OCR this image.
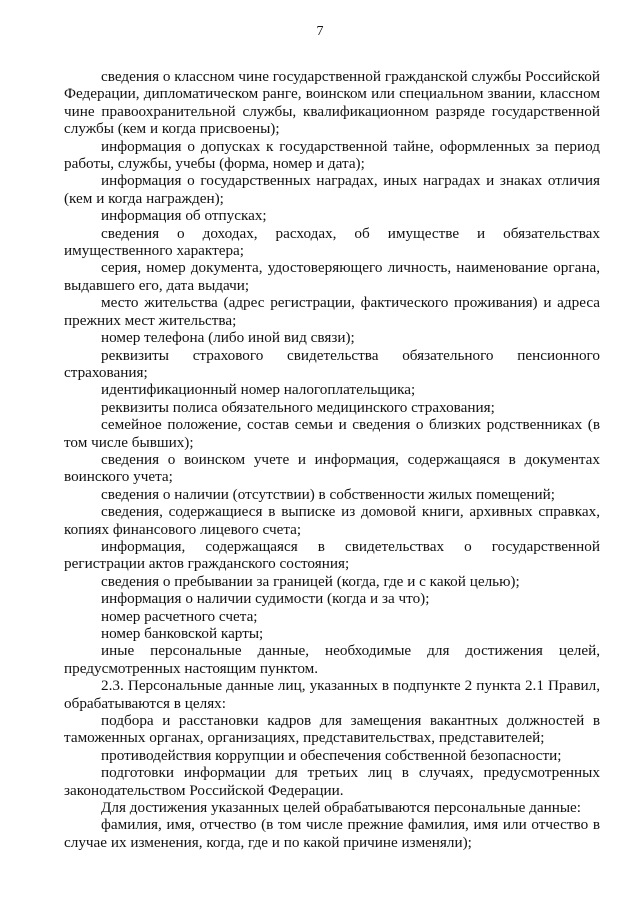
7

сведения о классном чине государственной гражданской службы Российской Федерации, дипломатическом ранге, воинском или специальном звании, классном чине правоохранительной службы, квалификационном разряде государственной службы (кем и когда присвоены);

информация о допусках к государственной тайне, оформленных за период работы, службы, учебы (форма, номер и дата);

информация о государственных наградах, иных наградах и знаках отличия (кем и когда награжден);

информация об отпусках;

сведения о доходах, расходах, об имуществе и обязательствах имущественного характера;

серия, номер документа, удостоверяющего личность, наименование органа, выдавшего его, дата выдачи;

место жительства (адрес регистрации, фактического проживания) и адреса прежних мест жительства;

номер телефона (либо иной вид связи);

реквизиты страхового свидетельства обязательного пенсионного страхования;

идентификационный номер налогоплательщика;

реквизиты полиса обязательного медицинского страхования;

семейное положение, состав семьи и сведения о близких родственниках (в том числе бывших);

сведения о воинском учете и информация, содержащаяся в документах воинского учета;

сведения о наличии (отсутствии) в собственности жилых помещений;

сведения, содержащиеся в выписке из домовой книги, архивных справках, копиях финансового лицевого счета;

информация, содержащаяся в свидетельствах о государственной регистрации актов гражданского состояния;

сведения о пребывании за границей (когда, где и с какой целью);

информация о наличии судимости (когда и за что);

номер расчетного счета;

номер банковской карты;

иные персональные данные, необходимые для достижения целей, предусмотренных настоящим пунктом.

2.3. Персональные данные лиц, указанных в подпункте 2 пункта 2.1 Правил, обрабатываются в целях:

подбора и расстановки кадров для замещения вакантных должностей в таможенных органах, организациях, представительствах, представителей;

противодействия коррупции и обеспечения собственной безопасности;

подготовки информации для третьих лиц в случаях, предусмотренных законодательством Российской Федерации.

Для достижения указанных целей обрабатываются персональные данные:

фамилия, имя, отчество (в том числе прежние фамилия, имя или отчество в случае их изменения, когда, где и по какой причине изменяли);
